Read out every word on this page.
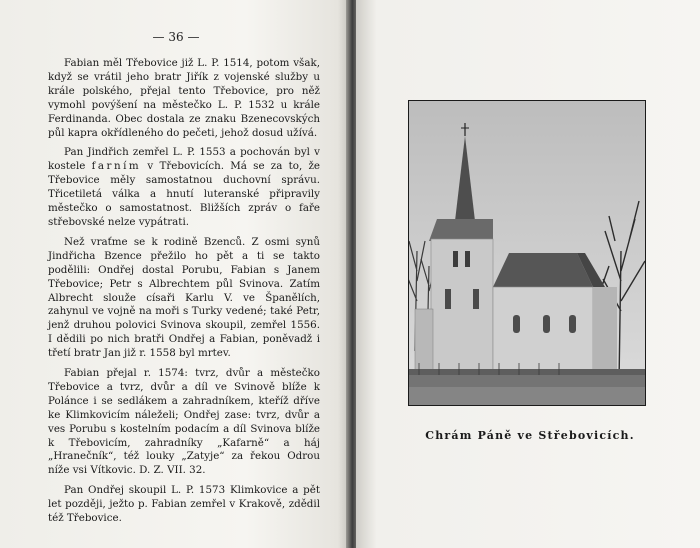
— 36 —

Fabian měl Třebovice již L. P. 1514, potom však, když se vrátil jeho bratr Jiřík z vojenské služby u krále polského, přejal tento Třebovice, pro něž vymohl povýšení na městečko L. P. 1532 u krále Ferdinanda. Obec dostala ze znaku Bzenecovských půl kapra okřídleného do pečeti, jehož dosud užívá.

Pan Jindřich zemřel L. P. 1553 a pochován byl v kostele farním v Třebovicích. Má se za to, že Třebovice měly samostatnou duchovní správu. Třicetiletá válka a hnutí luteranské připravily městečko o samostatnost. Bližších zpráv o faře střebovské nelze vypátrati.

Než vraťme se k rodině Bzenců. Z osmi synů Jindřicha Bzence přežilo ho pět a ti se takto podělili: Ondřej dostal Porubu, Fabian s Janem Třebovice; Petr s Albrechtem půl Svinova. Zatím Albrecht slouže císaři Karlu V. ve Španělích, zahynul ve vojně na moři s Turky vedené; také Petr, jenž druhou polovici Svinova skoupil, zemřel 1556. I dědili po nich bratři Ondřej a Fabian, poněvadž i třetí bratr Jan již r. 1558 byl mrtev.

Fabian přejal r. 1574: tvrz, dvůr a městečko Třebovice a tvrz, dvůr a díl ve Svinově blíže k Polánce i se sedlákem a zahradníkem, kteříž dříve ke Klimkovicím náleželi; Ondřej zase: tvrz, dvůr a ves Porubu s kostelním podacím a díl Svinova blíže k Třebovicím, zahradníky „Kafarně“ a háj „Hranečník“, též louky „Zatyje“ za řekou Odrou níže vsi Vítkovic. D. Z. VII. 32.

Pan Ondřej skoupil L. P. 1573 Klimkovice a pět let později, ježto p. Fabian zemřel v Krakově, zdědil též Třebovice.

Chrám Páně ve Střebovicích.
